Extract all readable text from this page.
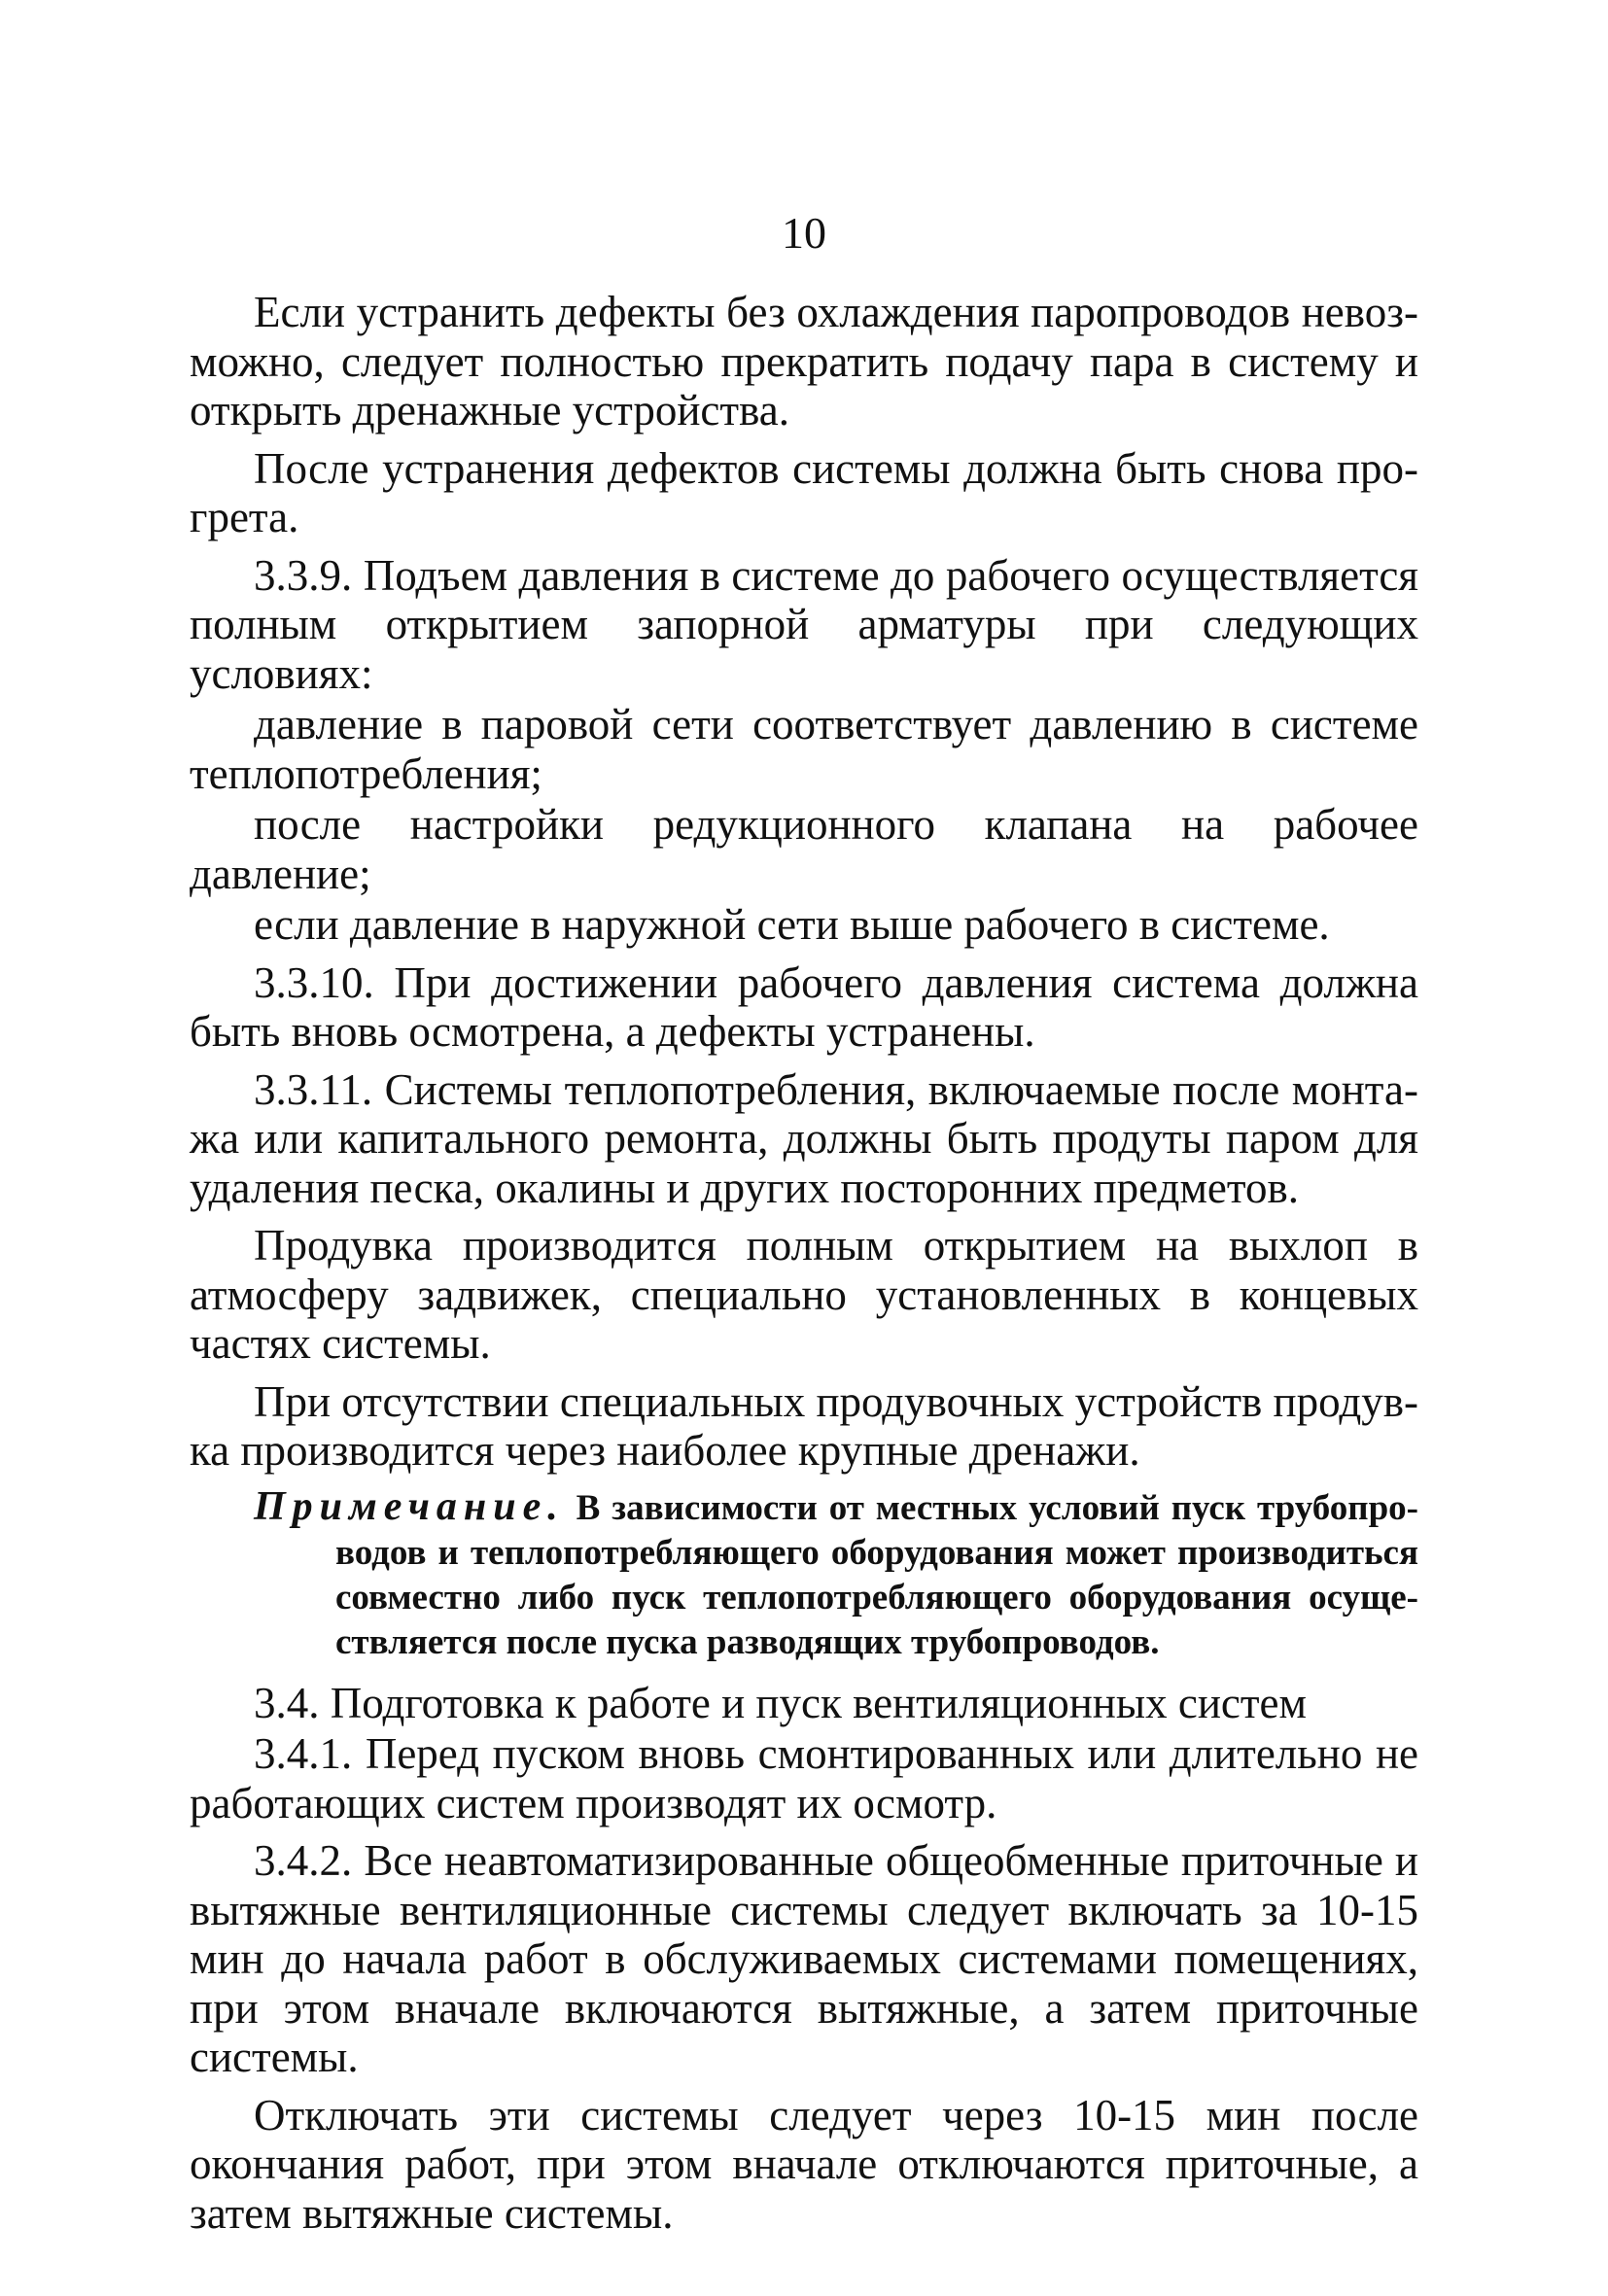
10

Если устранить дефекты без охлаждения паропроводов невозможно, следует полностью прекратить подачу пара в систему и открыть дренажные устройства.

После устранения дефектов системы должна быть снова прогрета.

3.3.9. Подъем давления в системе до рабочего осуществляется полным открытием запорной арматуры при следующих условиях:

давление в паровой сети соответствует давлению в системе теплопотребления;

после настройки редукционного клапана на рабочее давление;

если давление в наружной сети выше рабочего в системе.

3.3.10. При достижении рабочего давления система должна быть вновь осмотрена, а дефекты устранены.

3.3.11. Системы теплопотребления, включаемые после монтажа или капитального ремонта, должны быть продуты паром для удаления песка, окалины и других посторонних предметов.

Продувка производится полным открытием на выхлоп в атмосферу задвижек, специально установленных в концевых частях системы.

При отсутствии специальных продувочных устройств продувка производится через наиболее крупные дренажи.

Примечание. В зависимости от местных условий пуск трубопроводов и теплопотребляющего оборудования может производиться совместно либо пуск теплопотребляющего оборудования осуществляется после пуска разводящих трубопроводов.

3.4. Подготовка к работе и пуск вентиляционных систем

3.4.1. Перед пуском вновь смонтированных или длительно не работающих систем производят их осмотр.

3.4.2. Все неавтоматизированные общеобменные приточные и вытяжные вентиляционные системы следует включать за 10-15 мин до начала работ в обслуживаемых системами помещениях, при этом вначале включаются вытяжные, а затем приточные системы.

Отключать эти системы следует через 10-15 мин после окончания работ, при этом вначале отключаются приточные, а затем вытяжные системы.
